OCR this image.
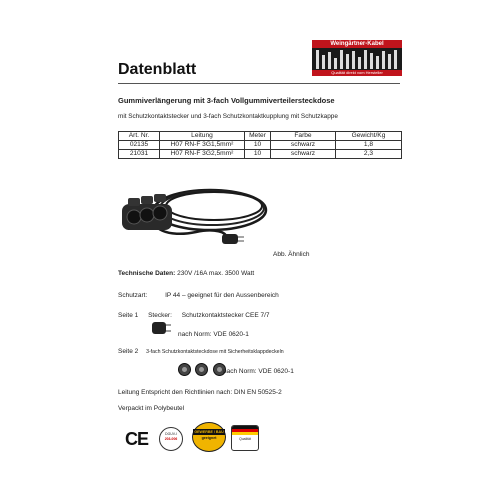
Weingärtner-Kabel
Qualität direkt vom Hersteller
Datenblatt
Gummiverlängerung mit 3-fach Vollgummiverteilersteckdose
mit Schutzkontaktstecker und 3-fach Schutzkontaktkupplung mit Schutzkappe
Art. Nr.	Leitung	Meter	Farbe	Gewicht/Kg
02135	H07 RN-F 3G1,5mm²	10	schwarz	1,8
21031	H07 RN-F 3G2,5mm²	10	schwarz	2,3
Abb. Ähnlich
Technische Daten: 230V /16A max. 3500 Watt
Schutzart:	IP 44 – geeignet für den Aussenbereich
Seite 1 Stecker: Schutzkontaktstecker CEE 7/7
nach Norm: VDE 0620-1
Seite 2 3-fach Schutzkontaktsteckdose mit Sicherheitsklappdeckeln

nach Norm: VDE 0620-1
Leitung Entspricht den Richtlinien nach: DIN EN 50525-2
Verpackt im Polybeutel
CE	DGUV-I
203-006
GEWERBE / BAU
geeignet	Qualität
